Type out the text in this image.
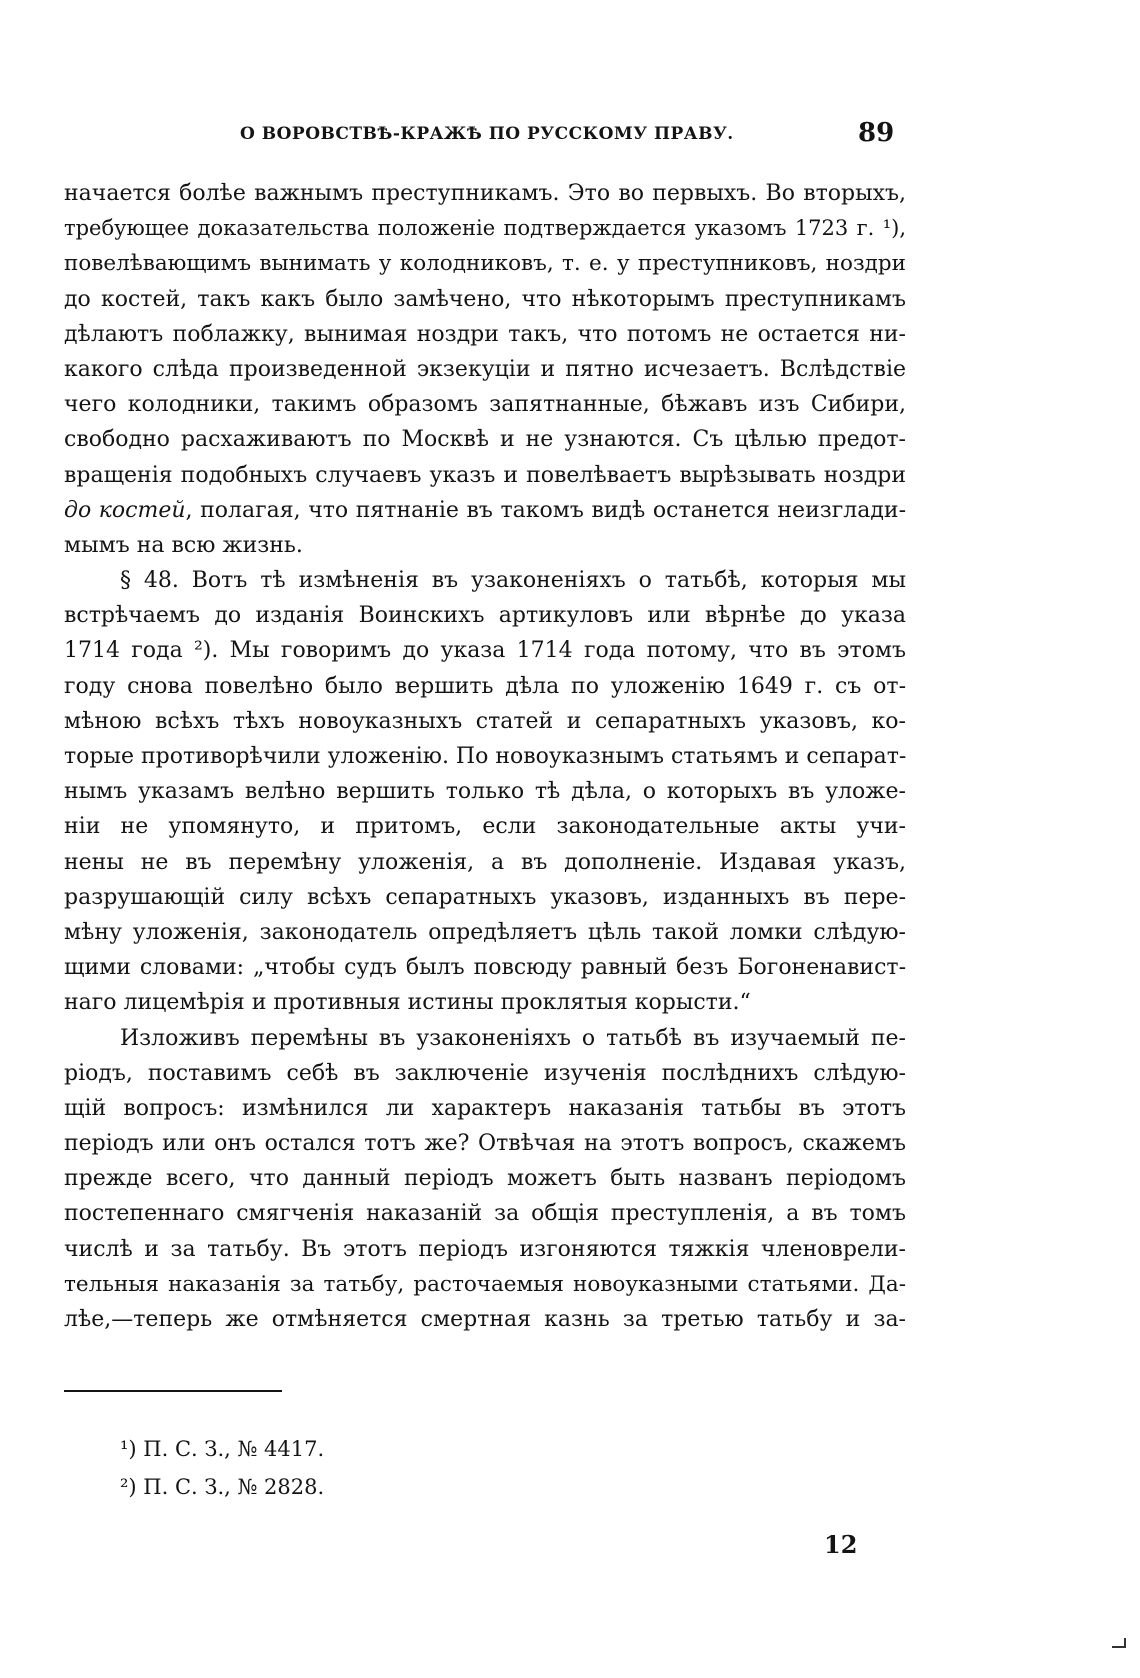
О ВОРОВСТВѢ-КРАЖѢ ПО РУССКОМУ ПРАВУ.	89
начается болѣе важнымъ преступникамъ. Это во первыхъ. Во вторыхъ,
требующее доказательства положеніе подтверждается указомъ 1723 г. ¹),
повелѣвающимъ вынимать у колодниковъ, т. е. у преступниковъ, ноздри
до костей, такъ какъ было замѣчено, что нѣкоторымъ преступникамъ
дѣлаютъ поблажку, вынимая ноздри такъ, что потомъ не остается ни-
какого слѣда произведенной экзекуціи и пятно исчезаетъ. Вслѣдствіе
чего колодники, такимъ образомъ запятнанные, бѣжавъ изъ Сибири,
свободно расхаживаютъ по Москвѣ и не узнаются. Съ цѣлью предот-
вращенія подобныхъ случаевъ указъ и повелѣваетъ вырѣзывать ноздри
до костей, полагая, что пятнаніе въ такомъ видѣ останется неизглади-
мымъ на всю жизнь.
§ 48. Вотъ тѣ измѣненія въ узаконеніяхъ о татьбѣ, которыя мы
встрѣчаемъ до изданія Воинскихъ артикуловъ или вѣрнѣе до указа
1714 года ²). Мы говоримъ до указа 1714 года потому, что въ этомъ
году снова повелѣно было вершить дѣла по уложенію 1649 г. съ от-
мѣною всѣхъ тѣхъ новоуказныхъ статей и сепаратныхъ указовъ, ко-
торые противорѣчили уложенію. По новоуказнымъ статьямъ и сепарат-
нымъ указамъ велѣно вершить только тѣ дѣла, о которыхъ въ уложе-
ніи не упомянуто, и притомъ, если законодательные акты учи-
нены не въ перемѣну уложенія, а въ дополненіе. Издавая указъ,
разрушающій силу всѣхъ сепаратныхъ указовъ, изданныхъ въ пере-
мѣну уложенія, законодатель опредѣляетъ цѣль такой ломки слѣдую-
щими словами: „чтобы судъ былъ повсюду равный безъ Богоненавист-
наго лицемѣрія и противныя истины проклятыя корысти.“
Изложивъ перемѣны въ узаконеніяхъ о татьбѣ въ изучаемый пе-
ріодъ, поставимъ себѣ въ заключеніе изученія послѣднихъ слѣдую-
щій вопросъ: измѣнился ли характеръ наказанія татьбы въ этотъ
періодъ или онъ остался тотъ же? Отвѣчая на этотъ вопросъ, скажемъ
прежде всего, что данный періодъ можетъ быть названъ періодомъ
постепеннаго смягченія наказаній за общія преступленія, а въ томъ
числѣ и за татьбу. Въ этотъ періодъ изгоняются тяжкія членоврели-
тельныя наказанія за татьбу, расточаемыя новоуказными статьями. Да-
лѣе,—теперь же отмѣняется смертная казнь за третью татьбу и за-
¹) П. С. З., № 4417.
²) П. С. З., № 2828.
12
